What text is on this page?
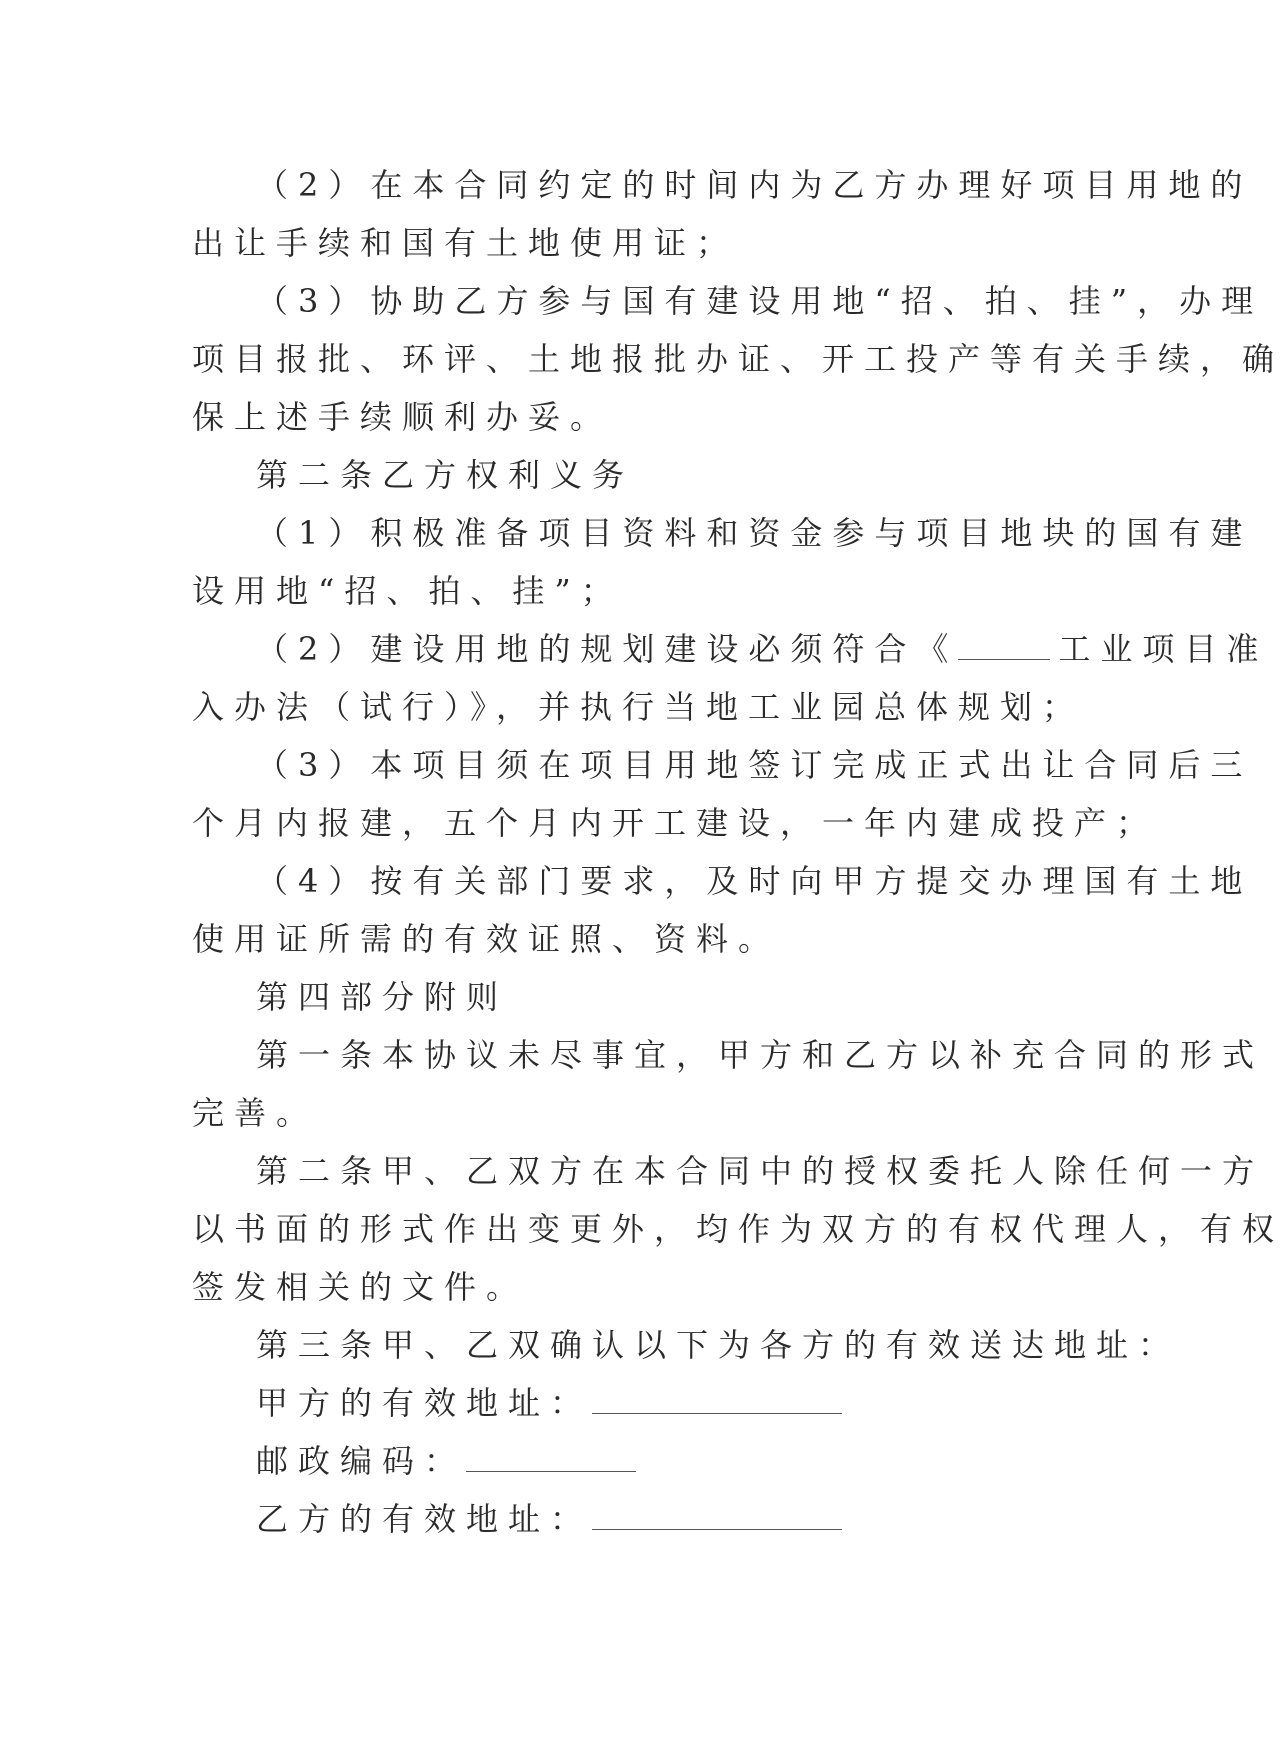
（2）在本合同约定的时间内为乙方办理好项目用地的
出让手续和国有土地使用证；
（3）协助乙方参与国有建设用地“招、拍、挂”，办理
项目报批、环评、土地报批办证、开工投产等有关手续，确
保上述手续顺利办妥。
第二条乙方权利义务
（1）积极准备项目资料和资金参与项目地块的国有建
设用地“招、拍、挂”；
（2）建设用地的规划建设必须符合《	工业项目准
入办法（试行）》，并执行当地工业园总体规划；
（3）本项目须在项目用地签订完成正式出让合同后三
个月内报建，五个月内开工建设，一年内建成投产；
（4）按有关部门要求，及时向甲方提交办理国有土地
使用证所需的有效证照、资料。
第四部分附则
第一条本协议未尽事宜，甲方和乙方以补充合同的形式
完善。
第二条甲、乙双方在本合同中的授权委托人除任何一方
以书面的形式作出变更外，均作为双方的有权代理人，有权
签发相关的文件。
第三条甲、乙双确认以下为各方的有效送达地址：
甲方的有效地址：
邮政编码：
乙方的有效地址：
